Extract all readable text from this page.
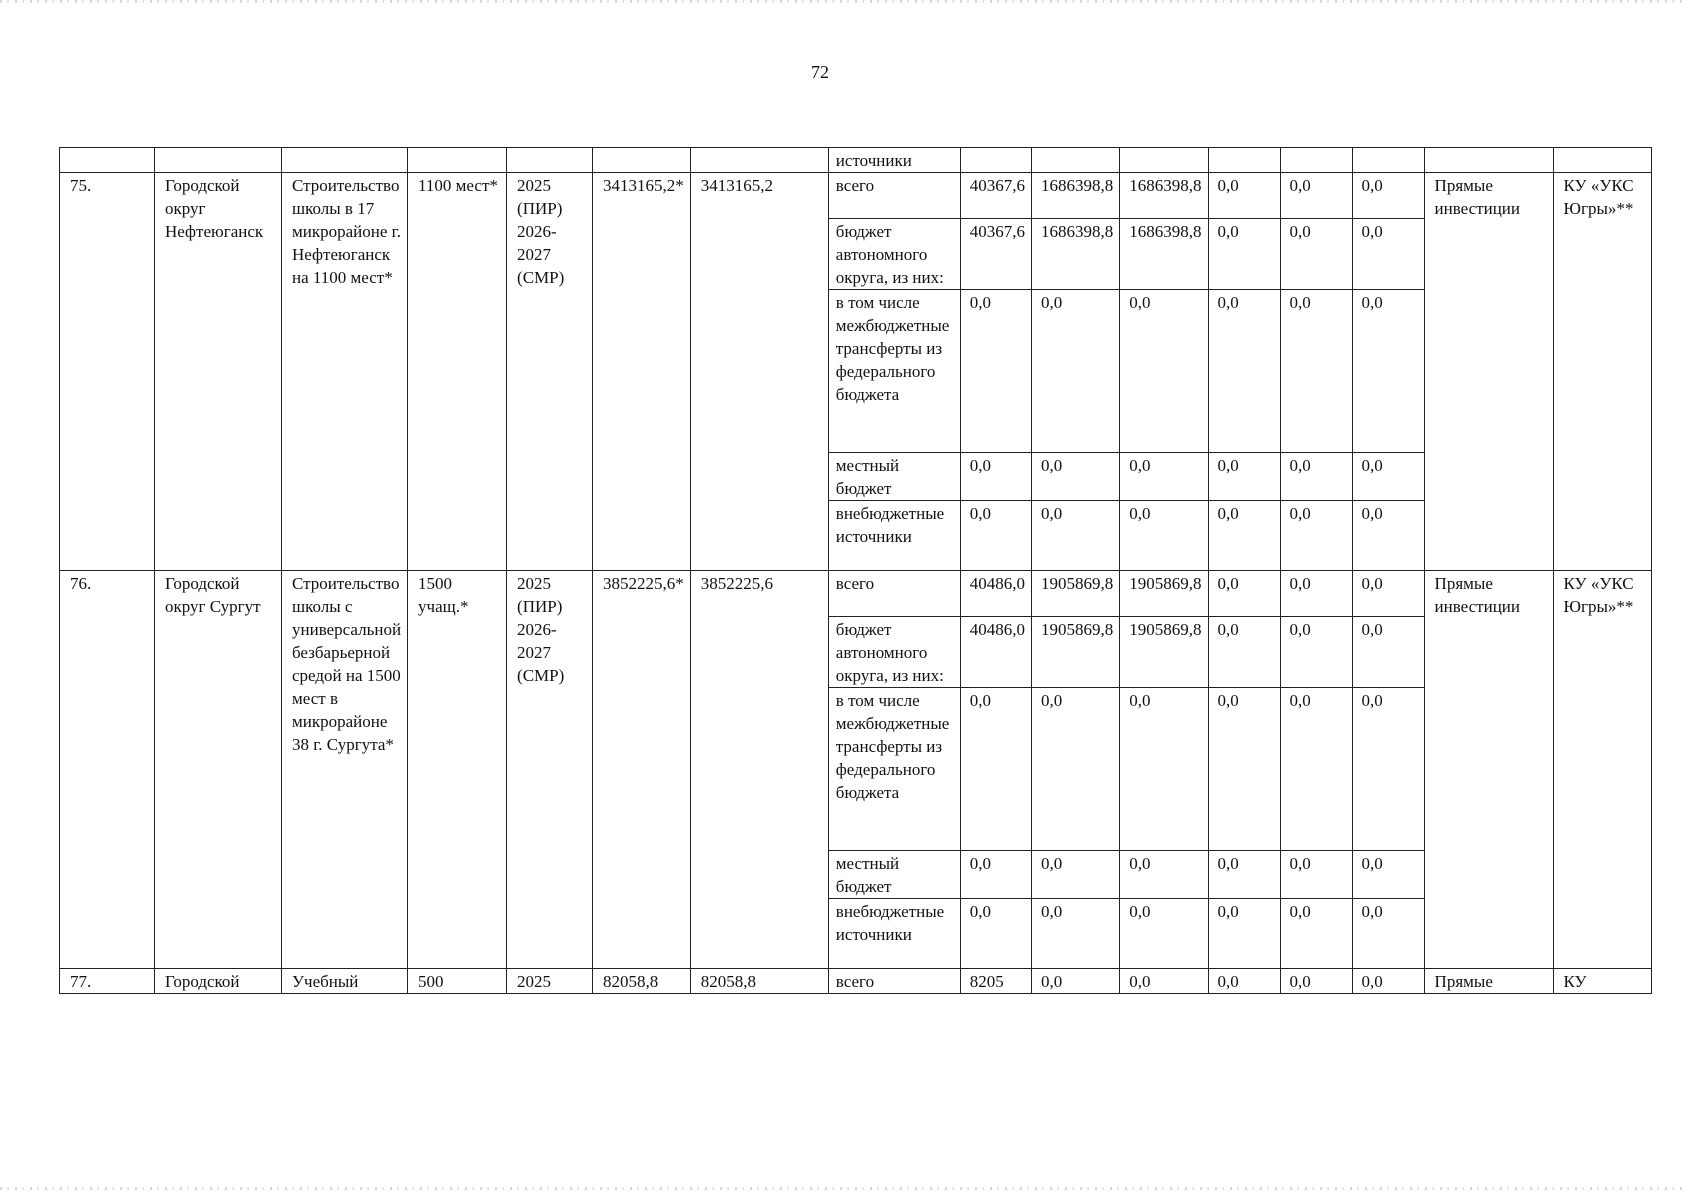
72
							источники								
75.	Городской округ Нефтеюганск	Строительство школы в 17 микрорайоне г. Нефтеюганск на 1100 мест*	1100 мест*	2025 (ПИР) 2026-2027 (СМР)	3413165,2*	3413165,2	всего	40367,6	1686398,8	1686398,8	0,0	0,0	0,0	Прямые инвестиции	КУ «УКС Югры»**
							бюджет автономного округа, из них:	40367,6	1686398,8	1686398,8	0,0	0,0	0,0		
							в том числе межбюджетные трансферты из федерального бюджета	0,0	0,0	0,0	0,0	0,0	0,0		
							местный бюджет	0,0	0,0	0,0	0,0	0,0	0,0		
							внебюджетные источники	0,0	0,0	0,0	0,0	0,0	0,0		
76.	Городской округ Сургут	Строительство школы с универсальной безбарьерной средой на 1500 мест в микрорайоне 38 г. Сургута*	1500 учащ.*	2025 (ПИР) 2026-2027 (СМР)	3852225,6*	3852225,6	всего	40486,0	1905869,8	1905869,8	0,0	0,0	0,0	Прямые инвестиции	КУ «УКС Югры»**
							бюджет автономного округа, из них:	40486,0	1905869,8	1905869,8	0,0	0,0	0,0		
							в том числе межбюджетные трансферты из федерального бюджета	0,0	0,0	0,0	0,0	0,0	0,0		
							местный бюджет	0,0	0,0	0,0	0,0	0,0	0,0		
							внебюджетные источники	0,0	0,0	0,0	0,0	0,0	0,0		
77.	Городской	Учебный	500	2025	82058,8	82058,8	всего	8205	0,0	0,0	0,0	0,0	0,0	Прямые	КУ
